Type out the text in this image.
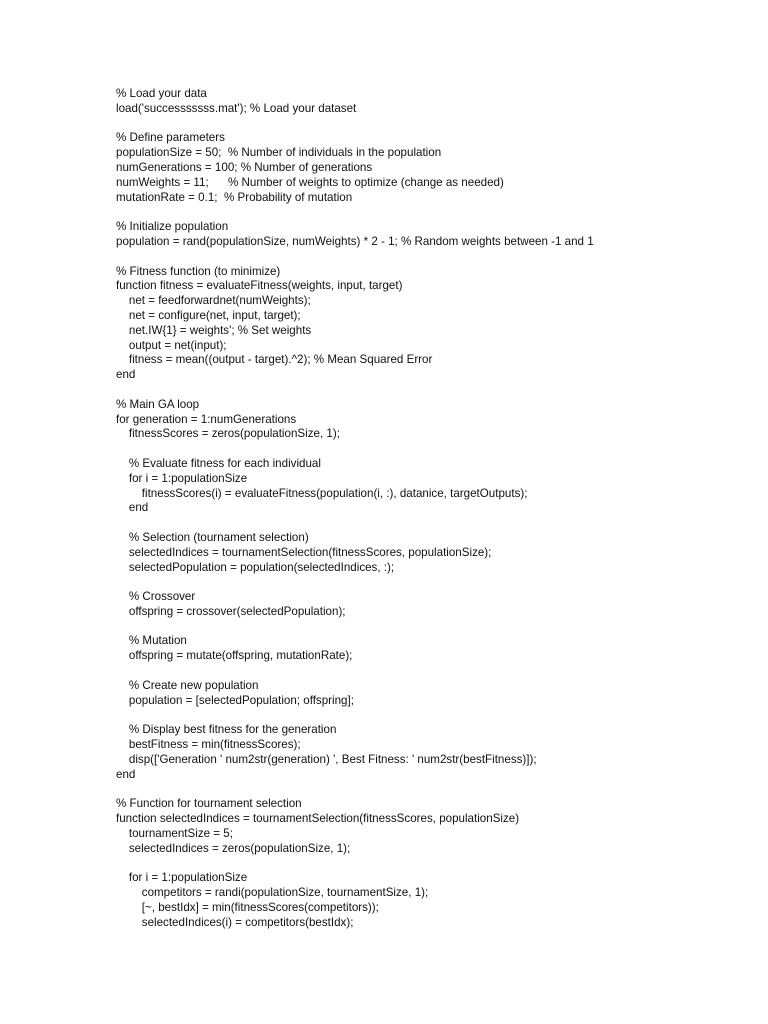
% Load your data
load('successsssss.mat'); % Load your dataset
% Define parameters
populationSize = 50;  % Number of individuals in the population
numGenerations = 100; % Number of generations
numWeights = 11;      % Number of weights to optimize (change as needed)
mutationRate = 0.1;  % Probability of mutation
% Initialize population
population = rand(populationSize, numWeights) * 2 - 1; % Random weights between -1 and 1
% Fitness function (to minimize)
function fitness = evaluateFitness(weights, input, target)
net = feedforwardnet(numWeights);
net = configure(net, input, target);
net.IW{1} = weights'; % Set weights
output = net(input);
fitness = mean((output - target).^2); % Mean Squared Error
end
% Main GA loop
for generation = 1:numGenerations
fitnessScores = zeros(populationSize, 1);
% Evaluate fitness for each individual
for i = 1:populationSize
fitnessScores(i) = evaluateFitness(population(i, :), datanice, targetOutputs);
end
% Selection (tournament selection)
selectedIndices = tournamentSelection(fitnessScores, populationSize);
selectedPopulation = population(selectedIndices, :);
% Crossover
offspring = crossover(selectedPopulation);
% Mutation
offspring = mutate(offspring, mutationRate);
% Create new population
population = [selectedPopulation; offspring];
% Display best fitness for the generation
bestFitness = min(fitnessScores);
disp(['Generation ' num2str(generation) ', Best Fitness: ' num2str(bestFitness)]);
end
% Function for tournament selection
function selectedIndices = tournamentSelection(fitnessScores, populationSize)
tournamentSize = 5;
selectedIndices = zeros(populationSize, 1);
for i = 1:populationSize
competitors = randi(populationSize, tournamentSize, 1);
[~, bestIdx] = min(fitnessScores(competitors));
selectedIndices(i) = competitors(bestIdx);
